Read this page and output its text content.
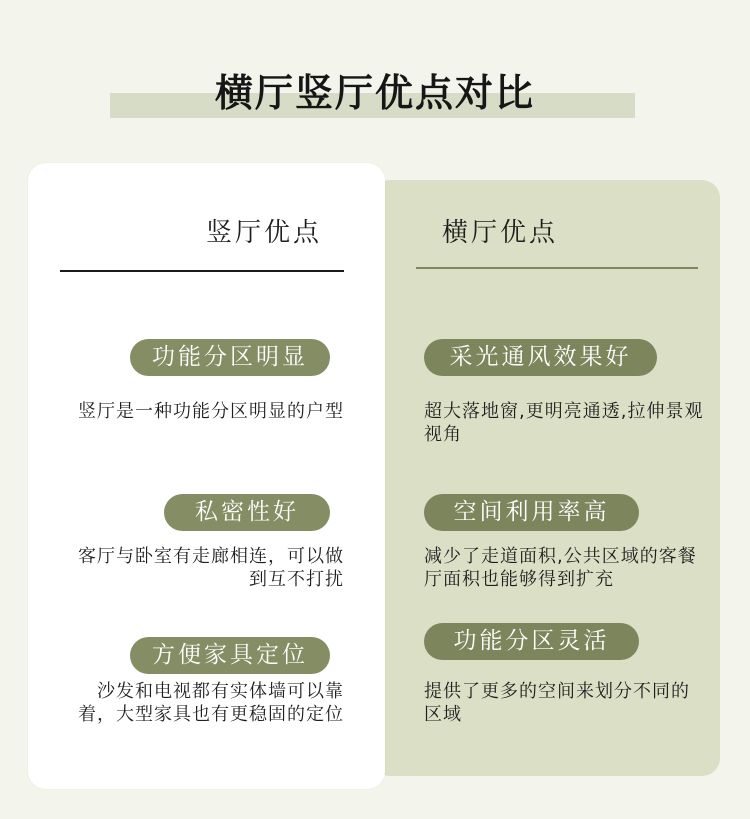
横厅竖厅优点对比
竖厅优点
功能分区明显
竖厅是一种功能分区明显的户型
私密性好
客厅与卧室有走廊相连，可以做到互不打扰
方便家具定位
沙发和电视都有实体墙可以靠着，大型家具也有更稳固的定位
横厅优点
采光通风效果好
超大落地窗,更明亮通透,拉伸景观视角
空间利用率高
减少了走道面积,公共区域的客餐厅面积也能够得到扩充
功能分区灵活
提供了更多的空间来划分不同的区域
